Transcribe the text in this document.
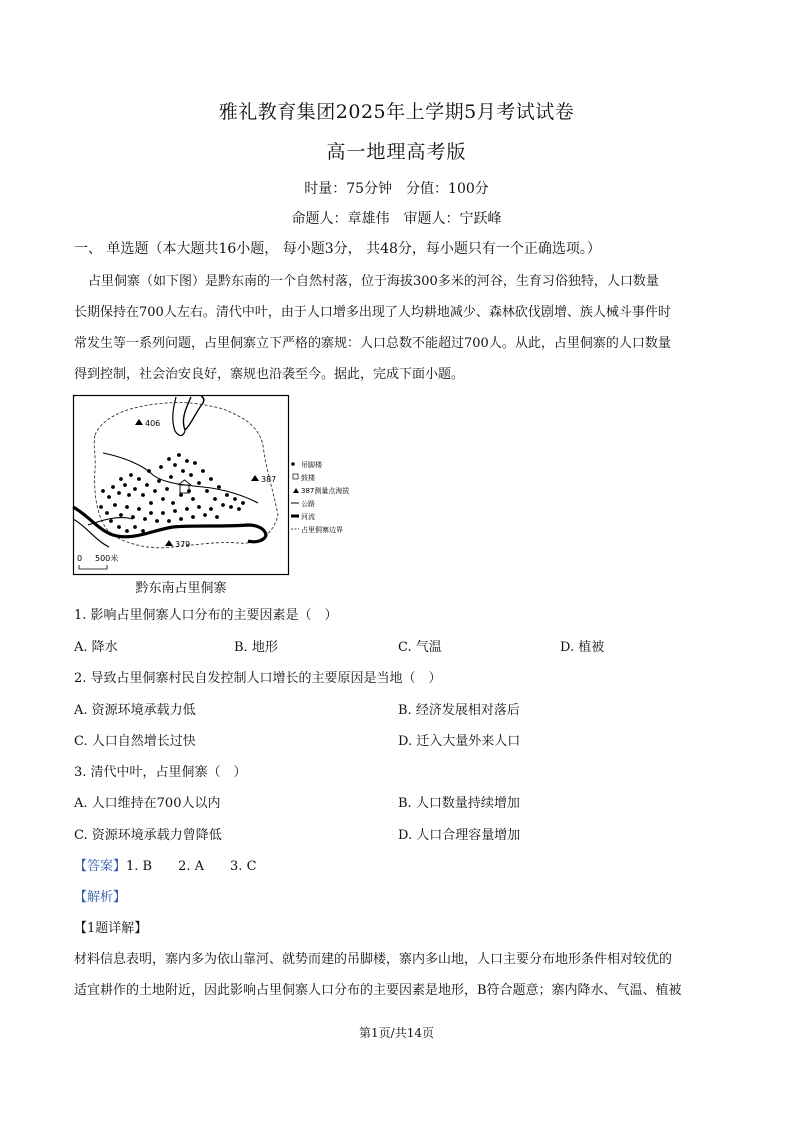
雅礼教育集团2025年上学期5月考试试卷
高一地理高考版
时量：75分钟　分值：100分
命题人：章雄伟　审题人：宁跃峰
一、 单选题（本大题共16小题， 每小题3分， 共48分，每小题只有一个正确选项。）
占里侗寨（如下图）是黔东南的一个自然村落，位于海拔300多米的河谷，生育习俗独特，人口数量
长期保持在700人左右。清代中叶，由于人口增多出现了人均耕地减少、森林砍伐剧增、族人械斗事件时
常发生等一系列问题，占里侗寨立下严格的寨规：人口总数不能超过700人。从此，占里侗寨的人口数量
得到控制，社会治安良好，寨规也沿袭至今。据此，完成下面小题。
406
387
379
吊脚楼
鼓楼
387测量点海拔
公路
河流
占里侗寨边界
0 500米
黔东南占里侗寨
1. 影响占里侗寨人口分布的主要因素是（　）
A. 降水	B. 地形	C. 气温	D. 植被
2. 导致占里侗寨村民自发控制人口增长的主要原因是当地（　）
A. 资源环境承载力低	B. 经济发展相对落后
C. 人口自然增长过快	D. 迁入大量外来人口
3. 清代中叶，占里侗寨（　）
A. 人口维持在700人以内	B. 人口数量持续增加
C. 资源环境承载力曾降低	D. 人口合理容量增加
【答案】1. B　　2. A　　3. C
【解析】
【1题详解】
材料信息表明，寨内多为依山靠河、就势而建的吊脚楼，寨内多山地，人口主要分布地形条件相对较优的
适宜耕作的土地附近，因此影响占里侗寨人口分布的主要因素是地形，B符合题意；寨内降水、气温、植被
第1页/共14页
